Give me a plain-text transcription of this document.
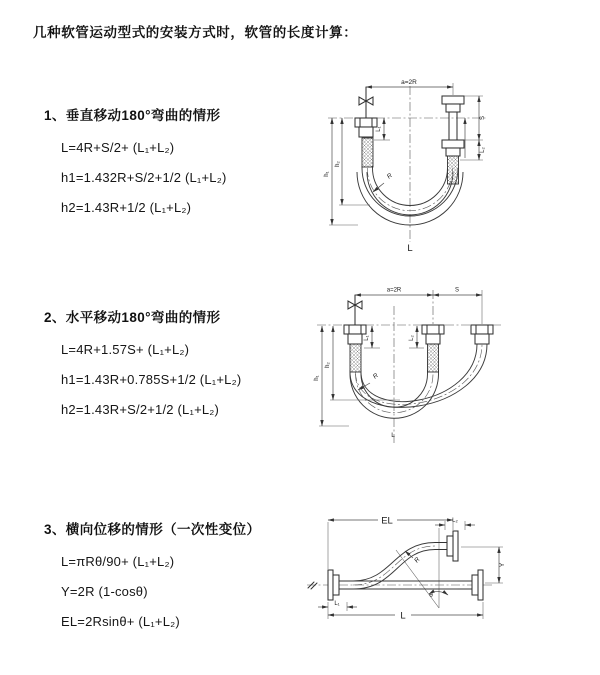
几种软管运动型式的安装方式时，软管的长度计算：
1、垂直移动180°弯曲的情形

L=4R+S/2+ (L₁+L₂)

h1=1.432R+S/2+1/2 (L₁+L₂)

h2=1.43R+1/2 (L₁+L₂)

2、水平移动180°弯曲的情形

L=4R+1.57S+ (L₁+L₂)

h1=1.43R+0.785S+1/2 (L₁+L₂)

h2=1.43R+S/2+1/2 (L₁+L₂)

3、横向位移的情形（一次性变位）

L=πRθ/90+ (L₁+L₂)

Y=2R (1-cosθ)

EL=2Rsinθ+ (L₁+L₂)

a=2R
h₁
h₂
L₁
S
L₂
R
L
a=2R	S
h₁
h₂
L₁	L₂
R
L
θ
EL	L₂
Y
R
L
L₁
